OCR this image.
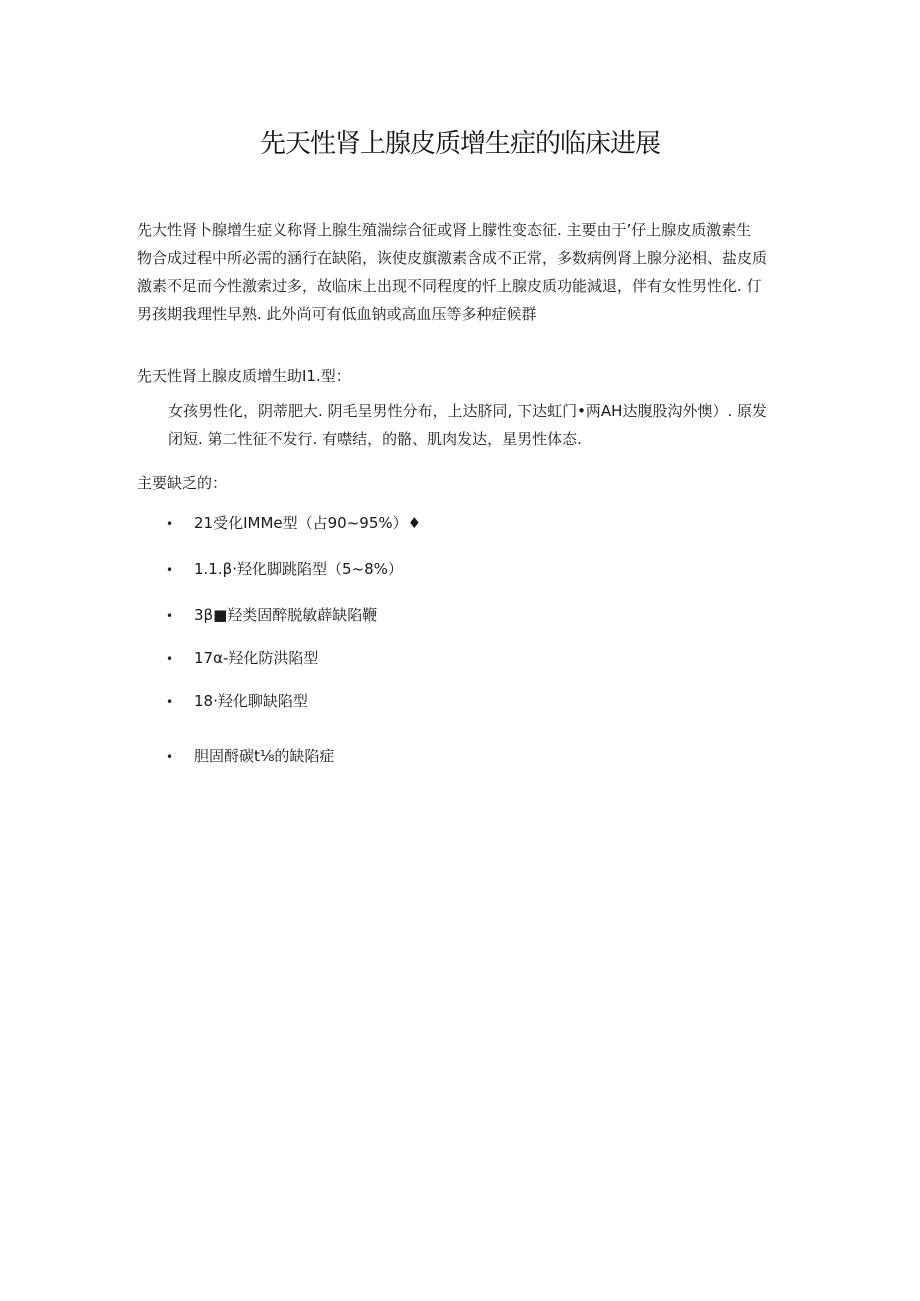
先天性肾上腺皮质增生症的临床进展

先大性肾卜腺增生症义称肾上腺生殖湍综合征或肾上朦性变态征. 主要由于’仔上腺皮质激素生
物合成过程中所必需的涵行在缺陷，诙使皮旗激素含成不正常，多数病例肾上腺分泌相、盐皮质
激素不足而今性激索过多，故临床上出现不同程度的忏上腺皮质功能減退，伴有女性男性化. 仃
男孩期我理性早熟. 此外尚可有低血钠或高血压等多种症候群

先天性肾上腺皮质增生助I1.型：

女孩男性化，阴蒂肥大. 阴毛呈男性分布，上达脐同, 下达虹门•两AH达腹股沟外懊）. 原发
闭短. 第二性征不发行. 有噤结，的骼、肌肉发达，星男性体态.

主要缺乏的：

• 21受化IMMe型（占90~95%）♦
• 1.1.β·羟化脚跳陷型（5~8%）
• 3β■羟类固醉脱敏薜缺陷鞭
• 17α-羟化防洪陷型
• 18·羟化聊缺陷型
• 胆固酹碳t⅛的缺陷症
